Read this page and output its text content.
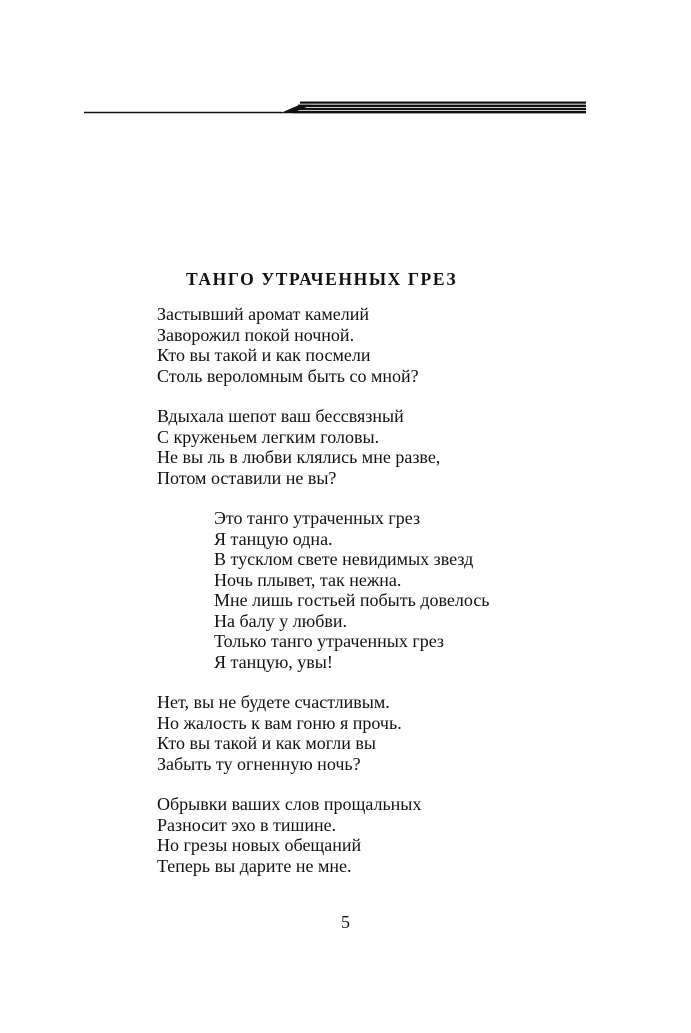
ТАНГО УТРАЧЕННЫХ ГРЕЗ
Застывший аромат камелий
Заворожил покой ночной.
Кто вы такой и как посмели
Столь вероломным быть со мной?
Вдыхала шепот ваш бессвязный
С круженьем легким головы.
Не вы ль в любви клялись мне разве,
Потом оставили не вы?
Это танго утраченных грез
Я танцую одна.
В тусклом свете невидимых звезд
Ночь плывет, так нежна.
Мне лишь гостьей побыть довелось
На балу у любви.
Только танго утраченных грез
Я танцую, увы!
Нет, вы не будете счастливым.
Но жалость к вам гоню я прочь.
Кто вы такой и как могли вы
Забыть ту огненную ночь?
Обрывки ваших слов прощальных
Разносит эхо в тишине.
Но грезы новых обещаний
Теперь вы дарите не мне.
5
